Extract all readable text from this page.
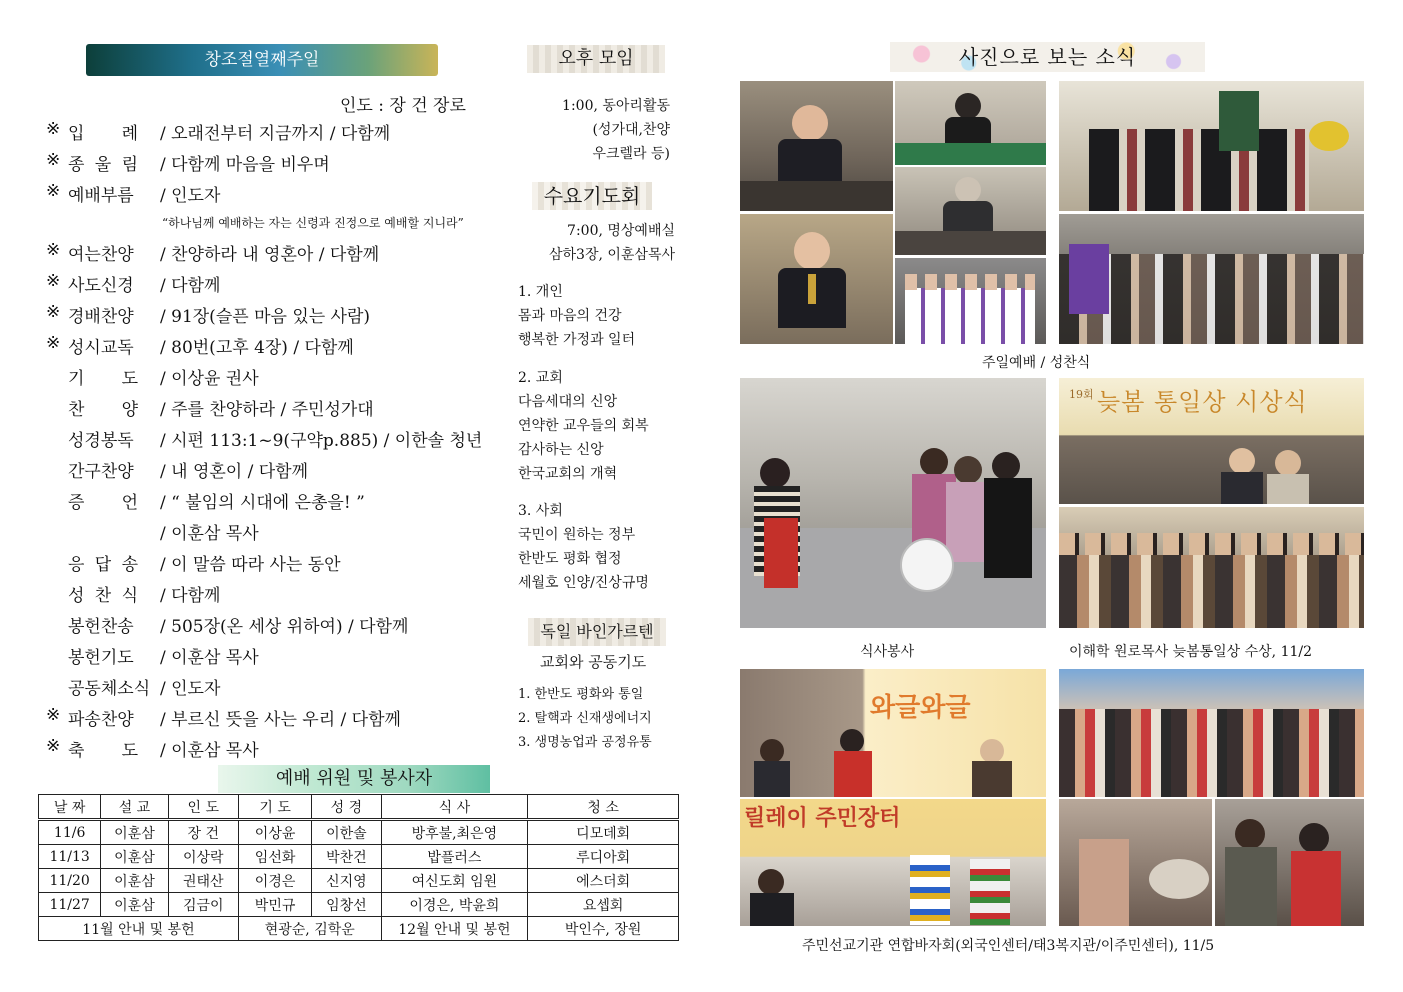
창조절열째주일
인도 : 장 건 장로
※ 입 례 / 오래전부터 지금까지 / 다함께
※ 종 울 림 / 다함께 마음을 비우며
※ 예배부름 / 인도자
※ 여는찬양 / 찬양하라 내 영혼아 / 다함께
※ 사도신경 / 다함께
※ 경배찬양 / 91장(슬픈 마음 있는 사람)
※ 성시교독 / 80번(고후 4장) / 다함께
기 도 / 이상윤 권사
찬 양 / 주를 찬양하라 / 주민성가대
성경봉독 / 시편 113:1~9(구약p.885) / 이한솔 청년
간구찬양 / 내 영혼이 / 다함께
증 언 / “ 불임의 시대에 은총을! ”
/ 이훈삼 목사
응 답 송 / 이 말씀 따라 사는 동안
성 찬 식 / 다함께
봉헌찬송 / 505장(온 세상 위하여) / 다함께
봉헌기도 / 이훈삼 목사
공동체소식 / 인도자
※ 파송찬양 / 부르신 뜻을 사는 우리 / 다함께
※ 축 도 / 이훈삼 목사
“하나님께 예배하는 자는 신령과 진정으로 예배할 지니라”
예배 위원 및 봉사자
날 짜	설 교	인 도	기 도	성 경	식 사	청 소
11/6	이훈삼	장 건	이상윤	이한솔	방후불,최은영	디모데회
11/13	이훈삼	이상락	임선화	박찬건	밥플러스	루디아회
11/20	이훈삼	권태산	이경은	신지영	여신도회 임원	에스더회
11/27	이훈삼	김금이	박민규	임창선	이경은, 박윤희	요셉회
11월 안내 및 봉헌			현광순, 김학운		12월 안내 및 봉헌	박인수, 장원
오후 모임
1:00, 동아리활동
(성가대,찬양
우크렐라 등)
수요기도회
7:00, 명상예배실
삼하3장, 이훈삼목사
1. 개인
몸과 마음의 건강
행복한 가정과 일터
2. 교회
다음세대의 신앙
연약한 교우들의 회복
감사하는 신앙
한국교회의 개혁
3. 사회
국민이 원하는 정부
한반도 평화 협정
세월호 인양/진상규명
독일 바인가르텐
교회와 공동기도
1. 한반도 평화와 통일
2. 탈핵과 신재생에너지
3. 생명농업과 공정유통
사진으로 보는 소식
주일예배 / 성찬식
식사봉사
19회 늦봄 통일상 시상식
이해학 원로목사 늦봄통일상 수상, 11/2
와글와글
릴레이 주민장터
주민선교기관 연합바자회(외국인센터/태3복지관/이주민센터), 11/5
